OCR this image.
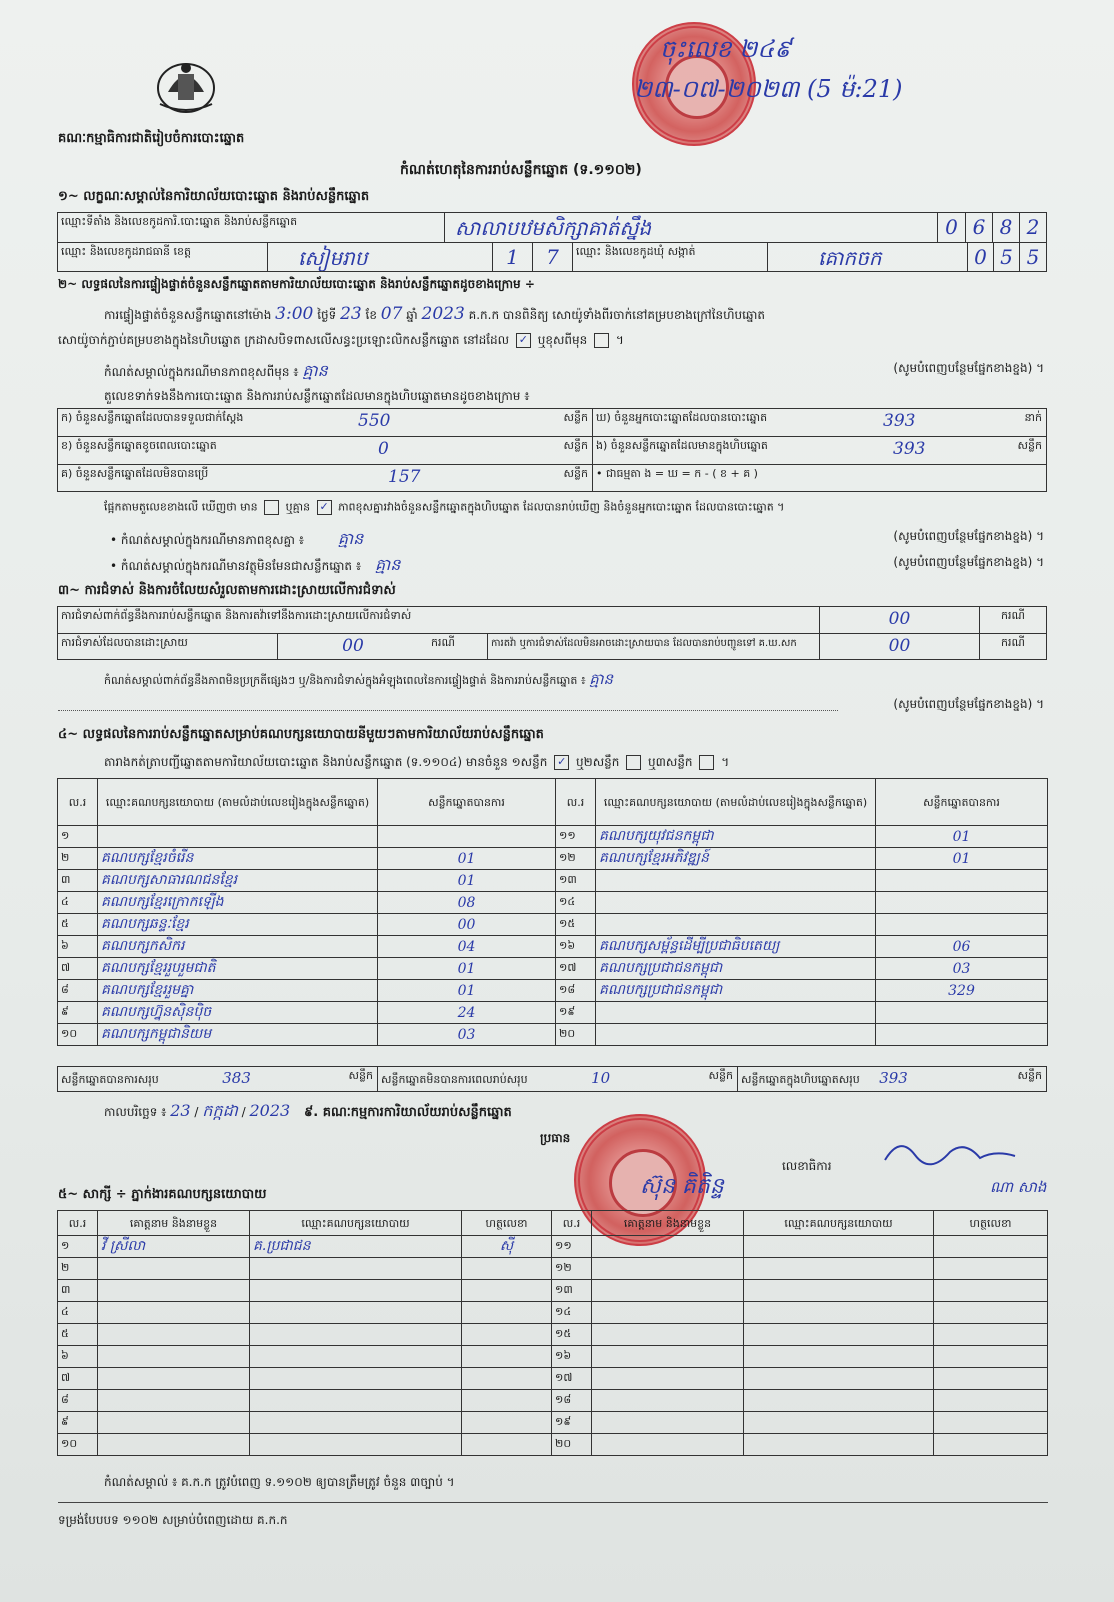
គណៈកម្មាធិការជាតិរៀបចំការបោះឆ្នោត
ចុះលេខ ២៤៩
២៣-០៧-២០២៣ (5 ម៉:21)
កំណត់ហេតុនៃការរាប់សន្លឹកឆ្នោត (ទ.១១០២)
១~ លក្ខណៈសម្គាល់នៃការិយាល័យបោះឆ្នោត និងរាប់សន្លឹកឆ្នោត
ឈ្មោះទីតាំង និងលេខកូដការិ.បោះឆ្នោត និងរាប់សន្លឹកឆ្នោត	សាលាបឋមសិក្សាគាត់ស្នឹង	0 6 8 2
ឈ្មោះ និងលេខកូដរាជធានី ខេត្ត	សៀមរាប	1	7	ឈ្មោះ និងលេខកូដឃុំ សង្កាត់	គោកចក	0 5 5
២~ លទ្ធផលនៃការផ្ទៀងផ្ទាត់ចំនួនសន្លឹកឆ្នោតតាមការិយាល័យបោះឆ្នោត និងរាប់សន្លឹកឆ្នោតដូចខាងក្រោម ÷
ការផ្ទៀងផ្ទាត់ចំនួនសន្លឹកឆ្នោតនៅម៉ោង 3:00 ថ្ងៃទី 23 ខែ 07 ឆ្នាំ 2023 គ.ក.ក បានពិនិត្យ សោយ៉ូទាំងពីរចាក់នៅគម្របខាងក្រៅនៃហិបឆ្នោត
សោយ៉ូចាក់ភ្ជាប់គម្របខាងក្នុងនៃហិបឆ្នោត ក្រដាសបិទពាសលើសន្ធះប្រឡោះលិកសន្លឹកឆ្នោត នៅដដែល ✓ ឬខុសពីមុន  ។
កំណត់សម្គាល់ក្នុងករណីមានភាពខុសពីមុន ៖ គ្មាន	(សូមបំពេញបន្ថែមផ្នែកខាងខ្នង) ។
តួលេខទាក់ទងនឹងការបោះឆ្នោត និងការរាប់សន្លឹកឆ្នោតដែលមានក្នុងហិបឆ្នោតមានដូចខាងក្រោម ៖
ក) ចំនួនសន្លឹកឆ្នោតដែលបានទទួលជាក់ស្តែង	550	សន្លឹក ឃ) ចំនួនអ្នកបោះឆ្នោតដែលបានបោះឆ្នោត	393	នាក់
ខ) ចំនួនសន្លឹកឆ្នោតខូចពេលបោះឆ្នោត	0	សន្លឹក ង) ចំនួនសន្លឹកឆ្នោតដែលមានក្នុងហិបឆ្នោត	393	សន្លឹក
គ) ចំនួនសន្លឹកឆ្នោតដែលមិនបានប្រើ	157	សន្លឹក • ជាធម្មតា ង = ឃ = ក - ( ខ + គ )
ផ្អែកតាមតួលេខខាងលើ ឃើញថា មាន	ឬគ្មាន ✓ ភាពខុសគ្នារវាងចំនួនសន្លឹកឆ្នោតក្នុងហិបឆ្នោត ដែលបានរាប់ឃើញ និងចំនួនអ្នកបោះឆ្នោត ដែលបានបោះឆ្នោត ។
• កំណត់សម្គាល់ក្នុងករណីមានភាពខុសគ្នា ៖ គ្មាន	(សូមបំពេញបន្ថែមផ្នែកខាងខ្នង) ។
• កំណត់សម្គាល់ក្នុងករណីមានវត្ថុមិនមែនជាសន្លឹកឆ្នោត ៖ គ្មាន	(សូមបំពេញបន្ថែមផ្នែកខាងខ្នង) ។
៣~ ការជំទាស់ និងការចំលែយសំរួលតាមការដោះស្រាយលើការជំទាស់
ការជំទាស់ពាក់ព័ន្ធនឹងការរាប់សន្លឹកឆ្នោត និងការតវ៉ាទៅនឹងការដោះស្រាយលើការជំទាស់	00	ករណី
ការជំទាស់ដែលបានដោះស្រាយ	00	ករណី	ការតវ៉ា ឬការជំទាស់ដែលមិនអាចដោះស្រាយបាន ដែលបានរាប់បញ្ជូនទៅ គ.ឃ.សក	00	ករណី
កំណត់សម្គាល់ពាក់ព័ន្ធនឹងភាពមិនប្រក្រតីផ្សេងៗ ឬ/និងការជំទាស់ក្នុងអំឡុងពេលនៃការផ្ទៀងផ្ទាត់ និងការរាប់សន្លឹកឆ្នោត ៖ គ្មាន
(សូមបំពេញបន្ថែមផ្នែកខាងខ្នង) ។
៤~ លទ្ធផលនៃការរាប់សន្លឹកឆ្នោតសម្រាប់គណបក្សនយោបាយនីមួយៗតាមការិយាល័យរាប់សន្លឹកឆ្នោត
តារាងកត់ត្រាបញ្ជីឆ្នោតតាមការិយាល័យបោះឆ្នោត និងរាប់សន្លឹកឆ្នោត (ទ.១១០៤) មានចំនួន ១សន្លឹក ✓ ឬ២សន្លឹក ឬ៣សន្លឹក  ។
ល.រ	ឈ្មោះគណបក្សនយោបាយ (តាមលំដាប់លេខរៀងក្នុងសន្លឹកឆ្នោត)	សន្លឹកឆ្នោតបានការ	ល.រ	ឈ្មោះគណបក្សនយោបាយ (តាមលំដាប់លេខរៀងក្នុងសន្លឹកឆ្នោត)	សន្លឹកឆ្នោតបានការ
១			១១	គណបក្សយុវជនកម្ពុជា	01
២	គណបក្សខ្មែរចំរើន	01	១២	គណបក្សខ្មែរអភិវឌ្ឍន៍	01
៣	គណបក្សសាធារណជនខ្មែរ	01	១៣		
៤	គណបក្សខ្មែរក្រោកឡើង	08	១៤		
៥	គណបក្សឆន្ទៈខ្មែរ	00	១៥		
៦	គណបក្សកសិករ	04	១៦	គណបក្សសម្ព័ន្ធដើម្បីប្រជាធិបតេយ្យ	06
៧	គណបក្សខ្មែររួបរួមជាតិ	01	១៧	គណបក្សប្រជាជនកម្ពុជា	03
៨	គណបក្សខ្មែររួមគ្នា	01	១៨	គណបក្សប្រជាជនកម្ពុជា	329
៩	គណបក្សហ្វ៊ុនស៊ិនប៉ិច	24	១៩		
១០	គណបក្សកម្ពុជានិយម	03	២០		
សន្លឹកឆ្នោតបានការសរុប	383	សន្លឹក សន្លឹកឆ្នោតមិនបានការពេលរាប់សរុប	10	សន្លឹក សន្លឹកឆ្នោតក្នុងហិបឆ្នោតសរុប 393	សន្លឹក
កាលបរិច្ឆេទ ៖ 23 / កក្កដា / 2023 ៩. គណៈកម្មការការិយាល័យរាប់សន្លឹកឆ្នោត
ប្រធាន
ស៊ុន គិតិន្ទ
លេខាធិការ
ណា សាង
៥~ សាក្សី ÷ ភ្នាក់ងារគណបក្សនយោបាយ
ល.រ	គោត្តនាម និងនាមខ្លួន	ឈ្មោះគណបក្សនយោបាយ	ហត្ថលេខា	ល.រ	គោត្តនាម និងនាមខ្លួន	ឈ្មោះគណបក្សនយោបាយ	ហត្ថលេខា
១	វី ស្រីលា	គ.ប្រជាជន	ស៊ី	១១			
២				១២			
៣				១៣			
៤				១៤			
៥				១៥			
៦				១៦			
៧				១៧			
៨				១៨			
៩				១៩			
១០				២០			
កំណត់សម្គាល់ ៖ គ.ក.ក ត្រូវបំពេញ ទ.១១០២ ឲ្យបានត្រឹមត្រូវ ចំនួន ៣ច្បាប់ ។
ទម្រង់បែបបទ ១១០២ សម្រាប់បំពេញដោយ គ.ក.ក
